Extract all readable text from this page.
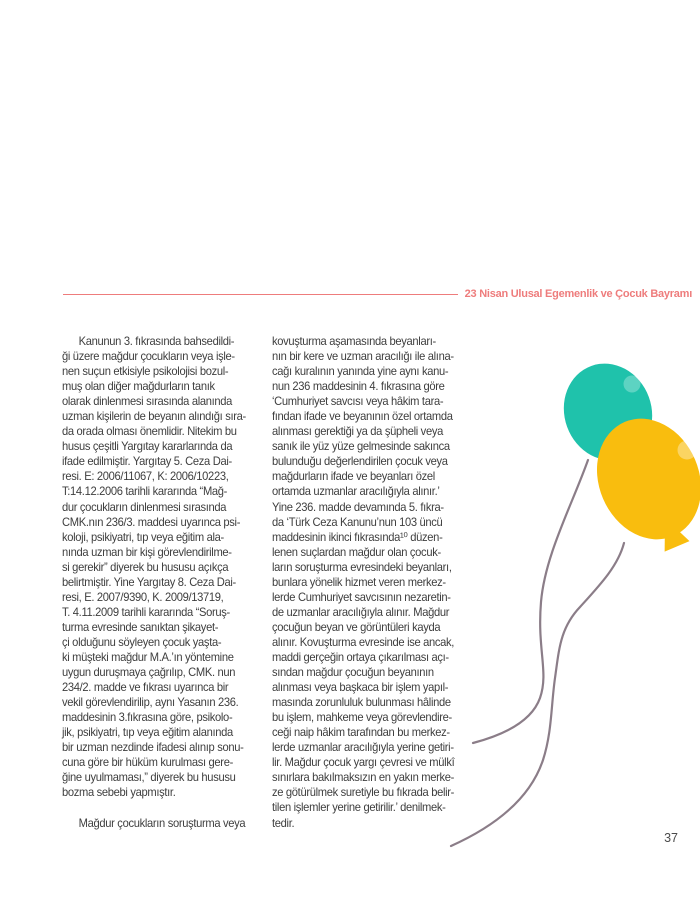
23 Nisan Ulusal Egemenlik ve Çocuk Bayramı
Kanunun 3. fıkrasında bahsedildi-
ği üzere mağdur çocukların veya işle-
nen suçun etkisiyle psikolojisi bozul-
muş olan diğer mağdurların tanık
olarak dinlenmesi sırasında alanında
uzman kişilerin de beyanın alındığı sıra-
da orada olması önemlidir. Nitekim bu
husus çeşitli Yargıtay kararlarında da
ifade edilmiştir. Yargıtay 5. Ceza Dai-
resi. E: 2006/11067, K: 2006/10223,
T:14.12.2006 tarihli kararında “Mağ-
dur çocukların dinlenmesi sırasında
CMK.nın 236/3. maddesi uyarınca psi-
koloji, psikiyatri, tıp veya eğitim ala-
nında uzman bir kişi görevlendirilme-
si gerekir” diyerek bu hususu açıkça
belirtmiştir. Yine Yargıtay 8. Ceza Dai-
resi, E. 2007/9390, K. 2009/13719,
T. 4.11.2009 tarihli kararında “Soruş-
turma evresinde sanıktan şikayet-
çi olduğunu söyleyen çocuk yaşta-
ki müşteki mağdur M.A.’ın yöntemine
uygun duruşmaya çağrılıp, CMK. nun
234/2. madde ve fıkrası uyarınca bir
vekil görevlendirilip, aynı Yasanın 236.
maddesinin 3.fıkrasına göre, psikolo-
jik, psikiyatri, tıp veya eğitim alanında
bir uzman nezdinde ifadesi alınıp sonu-
cuna göre bir hüküm kurulması gere-
ğine uyulmaması,” diyerek bu hususu
bozma sebebi yapmıştır.
Mağdur çocukların soruşturma veya
kovuşturma aşamasında beyanları-
nın bir kere ve uzman aracılığı ile alına-
cağı kuralının yanında yine aynı kanu-
nun 236 maddesinin 4. fıkrasına göre
‘Cumhuriyet savcısı veya hâkim tara-
fından ifade ve beyanının özel ortamda
alınması gerektiği ya da şüpheli veya
sanık ile yüz yüze gelmesinde sakınca
bulunduğu değerlendirilen çocuk veya
mağdurların ifade ve beyanları özel
ortamda uzmanlar aracılığıyla alınır.’
Yine 236. madde devamında 5. fıkra-
da ‘Türk Ceza Kanunu’nun 103 üncü
maddesinin ikinci fıkrasında¹⁰ düzen-
lenen suçlardan mağdur olan çocuk-
ların soruşturma evresindeki beyanları,
bunlara yönelik hizmet veren merkez-
lerde Cumhuriyet savcısının nezaretin-
de uzmanlar aracılığıyla alınır. Mağdur
çocuğun beyan ve görüntüleri kayda
alınır. Kovuşturma evresinde ise ancak,
maddi gerçeğin ortaya çıkarılması açı-
sından mağdur çocuğun beyanının
alınması veya başkaca bir işlem yapıl-
masında zorunluluk bulunması hâlinde
bu işlem, mahkeme veya görevlendire-
ceği naip hâkim tarafından bu merkez-
lerde uzmanlar aracılığıyla yerine getiri-
lir. Mağdur çocuk yargı çevresi ve mülkî
sınırlara bakılmaksızın en yakın merke-
ze götürülmek suretiyle bu fıkrada belir-
tilen işlemler yerine getirilir.’ denilmek-
tedir.
37
